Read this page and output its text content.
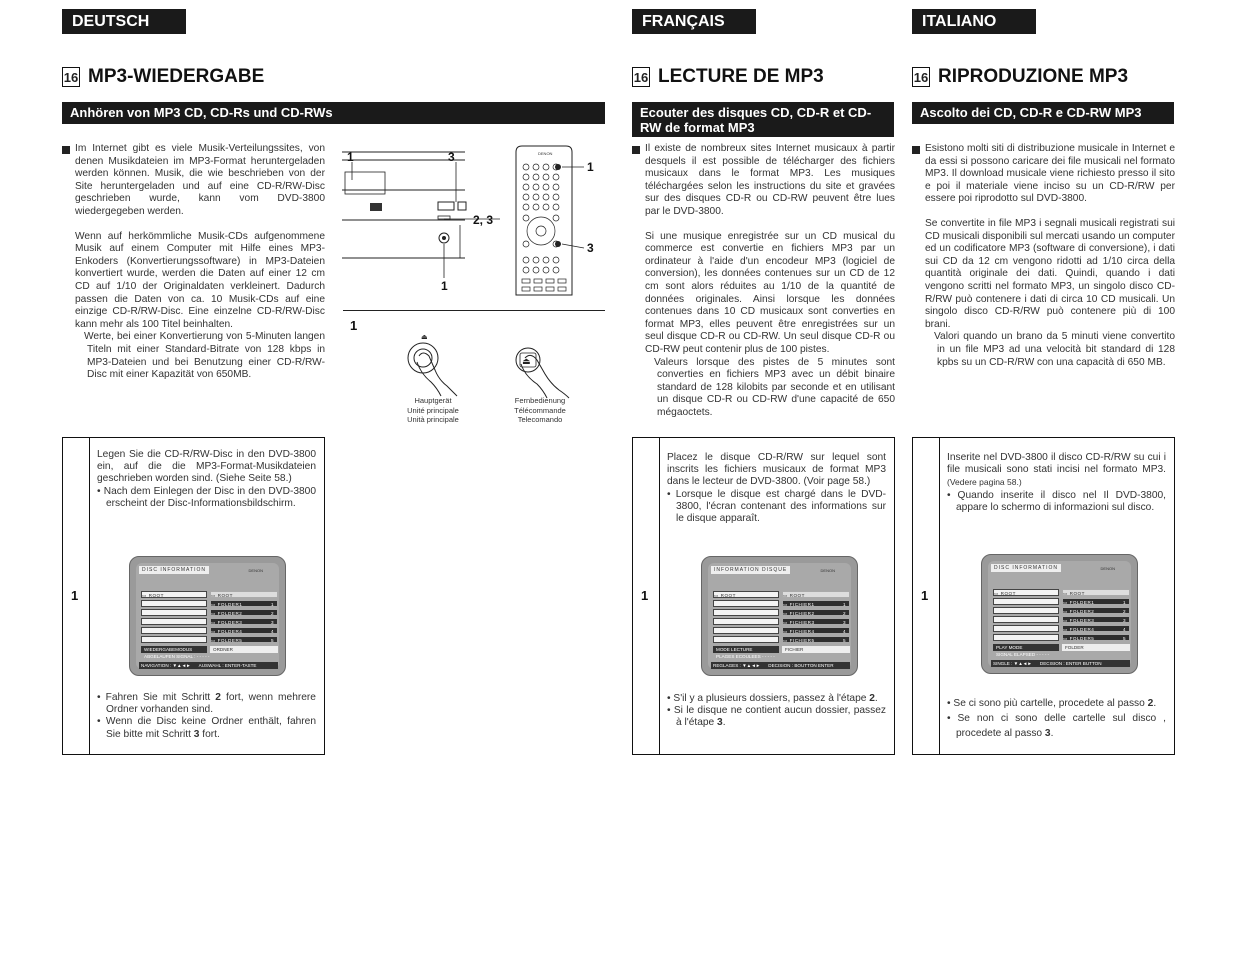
DEUTSCH	FRANÇAIS	ITALIANO
16 MP3-WIEDERGABE	16 LECTURE DE MP3	16 RIPRODUZIONE MP3
Anhören von MP3 CD, CD-Rs und CD-RWs	Ecouter des disques CD, CD-R et CD-RW de format MP3
Ascolto dei CD, CD-R e CD-RW MP3

Im Internet gibt es viele Musik-Verteilungssites, von denen Musikdateien im MP3-Format heruntergeladen werden können. Musik, die wie beschrieben von der Site heruntergeladen und auf eine CD-R/RW-Disc geschrieben wurde, kann vom DVD-3800 wiedergegeben werden.

Wenn auf herkömmliche Musik-CDs aufgenommene Musik auf einem Computer mit Hilfe eines MP3-Enkoders (Konvertierungssoftware) in MP3-Dateien konvertiert wurde, werden die Daten auf einer 12 cm CD auf 1/10 der Originaldaten verkleinert. Dadurch passen die Daten von ca. 10 Musik-CDs auf eine einzige CD-R/RW-Disc. Eine einzelne CD-R/RW-Disc kann mehr als 100 Titel beinhalten.

Werte, bei einer Konvertierung von 5-Minuten langen Titeln mit einer Standard-Bitrate von 128 kbps in MP3-Dateien und bei Benutzung einer CD-R/RW-Disc mit einer Kapazität von 650MB.

DENON
1	3
2, 3
1
1
3
1
⏏
⏏
Hauptgerät
Unité principale
Unità principale
Fernbedienung
Télécommande
Telecomando

Il existe de nombreux sites Internet musicaux à partir desquels il est possible de télécharger des fichiers musicaux dans le format MP3. Les musiques téléchargées selon les instructions du site et gravées sur des disques CD-R ou CD-RW peuvent être lues par le DVD-3800.

Si une musique enregistrée sur un CD musical du commerce est convertie en fichiers MP3 par un ordinateur à l'aide d'un encodeur MP3 (logiciel de conversion), les données contenues sur un CD de 12 cm sont alors réduites au 1/10 de la quantité de données originales. Ainsi lorsque les données contenues dans 10 CD musicaux sont converties en format MP3, elles peuvent être enregistrées sur un seul disque CD-R ou CD-RW. Un seul disque CD-R ou CD-RW peut contenir plus de 100 pistes.

Valeurs lorsque des pistes de 5 minutes sont converties en fichiers MP3 avec un débit binaire standard de 128 kilobits par seconde et en utilisant un disque CD-R ou CD-RW d'une capacité de 650 mégaoctets.

Esistono molti siti di distribuzione musicale in Internet e da essi si possono caricare dei file musicali nel formato MP3. Il download musicale viene richiesto presso il sito e poi il materiale viene inciso su un CD-R/RW per essere poi riprodotto sul DVD-3800.

Se convertite in file MP3 i segnali musicali registrati sui CD musicali disponibili sul mercati usando un computer ed un codificatore MP3 (software di conversione), i dati sui CD da 12 cm vengono ridotti ad 1/10 circa della quantità originale dei dati. Quindi, quando i dati vengono scritti nel formato MP3, un singolo disco CD-R/RW può contenere i dati di circa 10 CD musicali. Un singolo disco CD-R/RW può contenere più di 100 brani.

Valori quando un brano da 5 minuti viene convertito in un file MP3 ad una velocità bit standard di 128 kpbs su un CD-R/RW con una capacità di 650 MB.

1
Legen Sie die CD-R/RW-Disc in den DVD-3800 ein, auf die die MP3-Format-Musikdateien geschrieben worden sind. (Siehe Seite 58.)
• Nach dem Einlegen der Disc in den DVD-3800 erscheint der Disc-Informationsbildschirm.
DISC INFORMATION	DENON
▭ ROOT	▭ ROOT
▭ FOLDER1	1
▭ FOLDER2	2
▭ FOLDER3	3
▭ FOLDER4	4
▭ FOLDER5	5
WIEDERGABEMODUS	ORDNER
ABGELAUFEN SIGNAL : - - - - -
NAVIGATION : ▼▲◄► AUSWAHL : ENTER-TASTE
• Fahren Sie mit Schritt 2 fort, wenn mehrere Ordner vorhanden sind.
• Wenn die Disc keine Ordner enthält, fahren Sie bitte mit Schritt 3 fort.
1
Placez le disque CD-R/RW sur lequel sont inscrits les fichiers musicaux de format MP3 dans le lecteur de DVD-3800. (Voir page 58.)
• Lorsque le disque est chargé dans le DVD-3800, l'écran contenant des informations sur le disque apparaît.
INFORMATION DISQUE	DENON
▭ ROOT	▭ ROOT
▭ FICHIER1	1
▭ FICHIER2	2
▭ FICHIER3	3
▭ FICHIER4	4
▭ FICHIER5	5
MODE LECTURE	FICHIER
PLAGES ECOULEES - - - - -
REGLAGES : ▼▲◄► DECISION : BOUTTON ENTER
• S'il y a plusieurs dossiers, passez à l'étape 2.
• Si le disque ne contient aucun dossier, passez à l'étape 3.
1
Inserite nel DVD-3800 il disco CD-R/RW su cui i file musicali sono stati incisi nel formato MP3. (Vedere pagina 58.)
• Quando inserite il disco nel Il DVD-3800, appare lo schermo di informazioni sul disco.
DISC INFORMATION	DENON
▭ ROOT	▭ ROOT
▭ FOLDER1	1
▭ FOLDER2	2
▭ FOLDER3	3
▭ FOLDER4	4
▭ FOLDER5	5
PLAY MODE	FOLDER
SIGNAL ELAPSED - - - - -
SINGLE : ▼▲◄► DECISION : ENTER BUTTON
• Se ci sono più cartelle, procedete al passo 2.
• Se non ci sono delle cartelle sul disco , procedete al passo 3.
